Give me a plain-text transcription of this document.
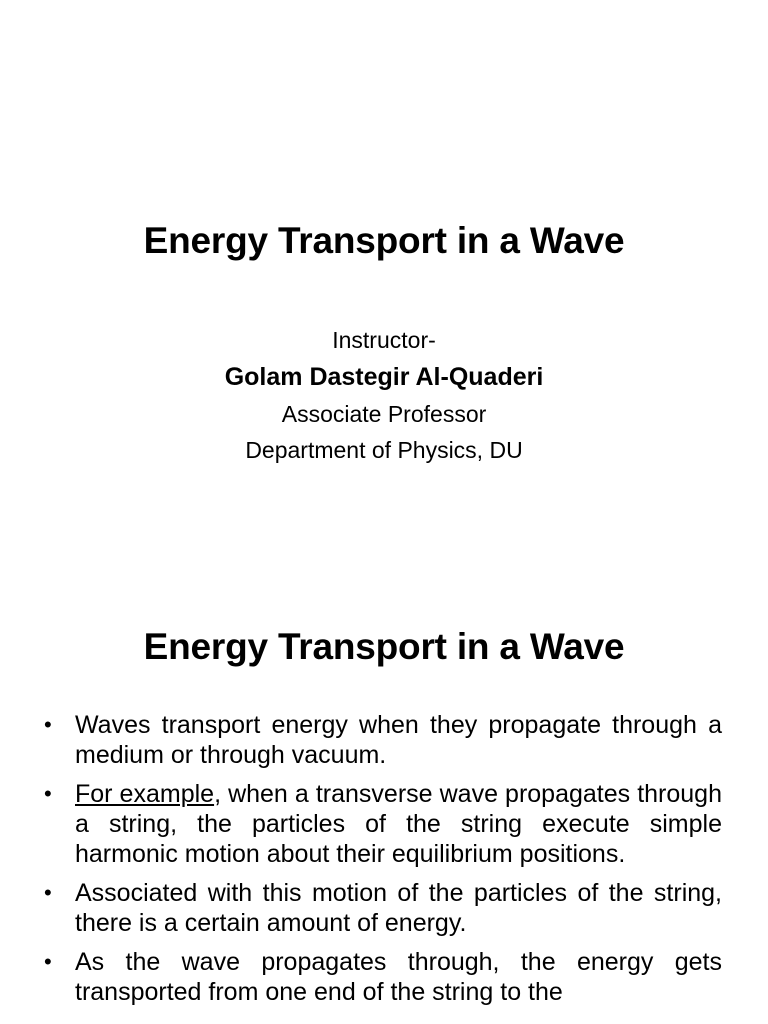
Energy Transport in a Wave
Instructor-
Golam Dastegir Al-Quaderi
Associate Professor
Department of Physics, DU
Energy Transport in a Wave
• Waves transport energy when they propagate through a medium or through vacuum.
• For example, when a transverse wave propagates through a string, the particles of the string execute simple harmonic motion about their equilibrium positions.
• Associated with this motion of the particles of the string, there is a certain amount of energy.
• As the wave propagates through, the energy gets transported from one end of the string to the
